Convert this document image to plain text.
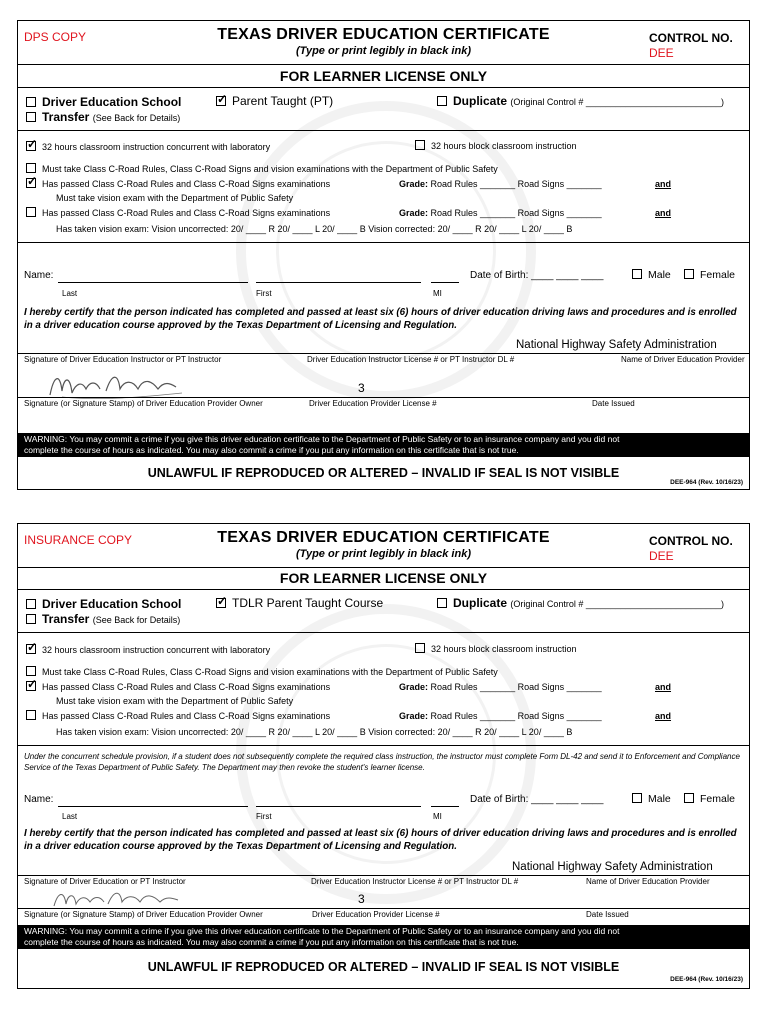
DPS COPY	TEXAS DRIVER EDUCATION CERTIFICATE
(Type or print legibly in black ink)
CONTROL NO.
DEE
FOR LEARNER LICENSE ONLY
Driver Education School ✓	Parent Taught (PT)	Duplicate (Original Control # ___________________________)
Transfer (See Back for Details)
✓32 hours classroom instruction concurrent with laboratory	32 hours block classroom instruction
Must take Class C-Road Rules, Class C-Road Signs and vision examinations with the Department of Public Safety
✓Has passed Class C-Road Rules and Class C-Road Signs examinations	Grade: Road Rules _______ Road Signs _______	and
Must take vision exam with the Department of Public Safety
Has passed Class C-Road Rules and Class C-Road Signs examinations	Grade: Road Rules _______ Road Signs _______	and
Has taken vision exam: Vision uncorrected: 20/ ____ R 20/ ____ L 20/ ____ B Vision corrected: 20/ ____ R 20/ ____ L 20/ ____ B
Name:	Date of Birth: ____ ____ ____	Male	Female
Last	First	MI
I hereby certify that the person indicated has completed and passed at least six (6) hours of driver education driving laws and procedures and is enrolled in a driver education course approved by the Texas Department of Licensing and Regulation.
National Highway Safety Administration
Signature of Driver Education Instructor or PT Instructor	Driver Education Instructor License # or PT Instructor DL #	Name of Driver Education Provider
3
Signature (or Signature Stamp) of Driver Education Provider Owner	Driver Education Provider License #	Date Issued
WARNING: You may commit a crime if you give this driver education certificate to the Department of Public Safety or to an insurance company and you did not
complete the course of hours as indicated. You may also commit a crime if you put any information on this certificate that is not true.
UNLAWFUL IF REPRODUCED OR ALTERED – INVALID IF SEAL IS NOT VISIBLE
DEE-964 (Rev. 10/16/23)
INSURANCE COPY	TEXAS DRIVER EDUCATION CERTIFICATE
(Type or print legibly in black ink)
CONTROL NO.
DEE
FOR LEARNER LICENSE ONLY
Driver Education School ✓	TDLR Parent Taught Course	Duplicate (Original Control # ___________________________)
Transfer (See Back for Details)
✓32 hours classroom instruction concurrent with laboratory	32 hours block classroom instruction
Must take Class C-Road Rules, Class C-Road Signs and vision examinations with the Department of Public Safety
✓Has passed Class C-Road Rules and Class C-Road Signs examinations	Grade: Road Rules _______ Road Signs _______	and
Must take vision exam with the Department of Public Safety
Has passed Class C-Road Rules and Class C-Road Signs examinations	Grade: Road Rules _______ Road Signs _______	and
Has taken vision exam: Vision uncorrected: 20/ ____ R 20/ ____ L 20/ ____ B Vision corrected: 20/ ____ R 20/ ____ L 20/ ____ B
Under the concurrent schedule provision, if a student does not subsequently complete the required class instruction, the instructor must complete Form DL-42 and send it to Enforcement and Compliance Service of the Texas Department of Public Safety. The Department may then revoke the student's learner license.
Name:	Date of Birth: ____ ____ ____	Male	Female
Last	First	MI
I hereby certify that the person indicated has completed and passed at least six (6) hours of driver education driving laws and procedures and is enrolled in a driver education course approved by the Texas Department of Licensing and Regulation.
National Highway Safety Administration
Signature of Driver Education or PT Instructor	Driver Education Instructor License # or PT Instructor DL #	Name of Driver Education Provider
3
Signature (or Signature Stamp) of Driver Education Provider Owner	Driver Education Provider License #	Date Issued
WARNING: You may commit a crime if you give this driver education certificate to the Department of Public Safety or to an insurance company and you did not
complete the course of hours as indicated. You may also commit a crime if you put any information on this certificate that is not true.
UNLAWFUL IF REPRODUCED OR ALTERED – INVALID IF SEAL IS NOT VISIBLE
DEE-964 (Rev. 10/16/23)
